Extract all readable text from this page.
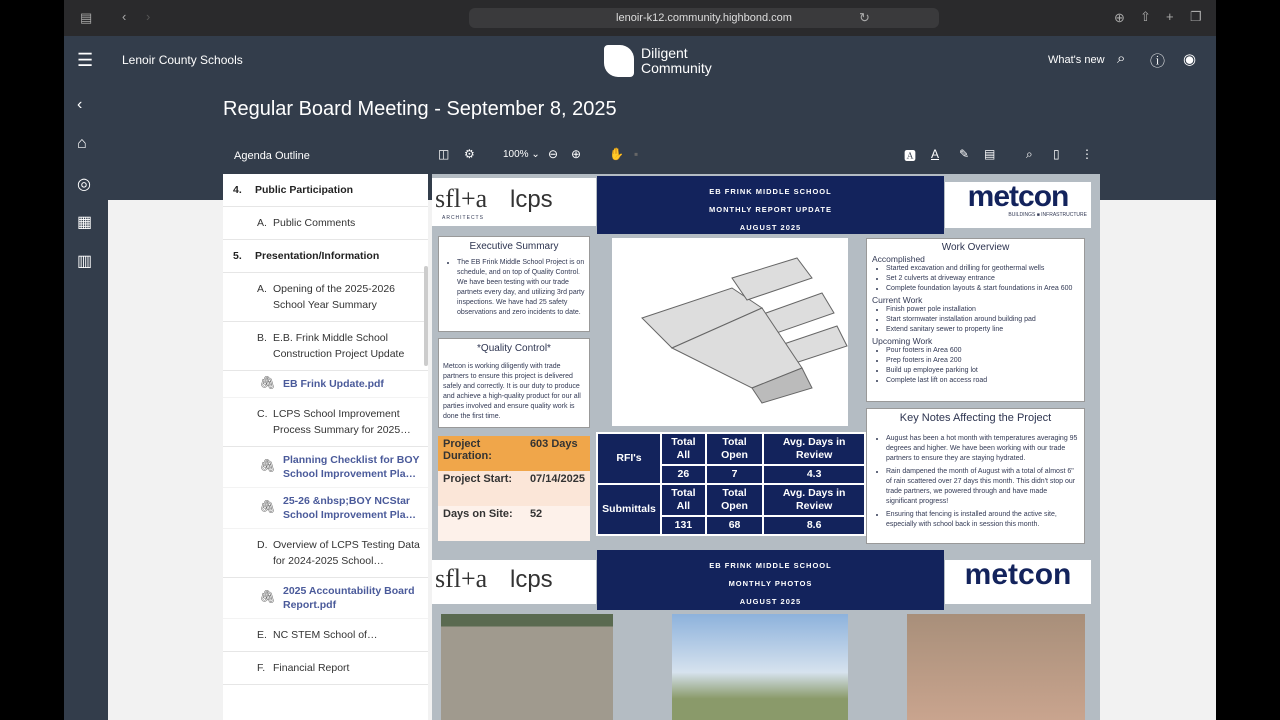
▤ ‹ ›	lenoir-k12.community.highbond.com	↻	⊕ ⇧ + ❐
☰
‹
⌂
◎
▦
▥
Lenoir County Schools	Diligent
Community	What's new ⌕ ⓘ ◉
Regular Board Meeting - September 8, 2025
Agenda Outline	◫ ⚙	100% ⌄ ⊖ ⊕ ✋ ▪	🅰 A ✎ ▤	⌕ ▯ ⋮
4. Public Participation
A. Public Comments
5. Presentation/Information
A. Opening of the 2025-2026 School Year Summary
B. E.B. Frink Middle School Construction Project Update
🖇 EB Frink Update.pdf
C. LCPS School Improvement Process Summary for 2025…
🖇 Planning Checklist for BOY School Improvement Pla…
🖇 25-26 &nbsp;BOY NCStar School Improvement Pla…
D. Overview of LCPS Testing Data for 2024-2025 School…
🖇 2025 Accountability Board Report.pdf
E. NC STEM School of…
F. Financial Report
sfl+a
ARCHITECTS
lcps	EB FRINK MIDDLE SCHOOL
MONTHLY REPORT UPDATE
AUGUST 2025
metcon
BUILDINGS ■ INFRASTRUCTURE
Executive Summary
• The EB Frink Middle School Project is on schedule, and on top of Quality Control. We have been testing with our trade partnets every day, and utilizing 3rd party inspections. We have had 25 safety observations and zero incidents to date.
*Quality Control*
Metcon is working diligently with trade partners to ensure this project is delivered safely and correctly. It is our duty to produce and achieve a high-quality product for our all parties involved and ensure quality work is done the first time.
Work Overview
Accomplished
• Started excavation and drilling for geothermal wells
• Set 2 culverts at driveway entrance
• Complete foundation layouts & start foundations in Area 600
Current Work
• Finish power pole installation
• Start stormwater installation around building pad
• Extend sanitary sewer to property line
Upcoming Work
• Pour footers in Area 600
• Prep footers in Area 200
• Build up employee parking lot
• Complete last lift on access road
Key Notes Affecting the Project
• August has been a hot month with temperatures averaging 95 degrees and higher. We have been working with our trade partners to ensure they are staying hydrated.
• Rain dampened the month of August with a total of almost 6" of rain scattered over 27 days this month. This didn't stop our trade partners, we powered through and have made significant progress!
• Ensuring that fencing is installed around the active site, especially with school back in session this month.
Project Duration:	603 Days
Project Start:	07/14/2025
Days on Site:	52
RFI's	Total All	Total Open	Avg. Days in Review
	26	7	4.3
Submittals	Total All	Total Open	Avg. Days in Review
	131	68	8.6
sfl+a lcps
EB FRINK MIDDLE SCHOOL
MONTHLY PHOTOS
AUGUST 2025
metcon
